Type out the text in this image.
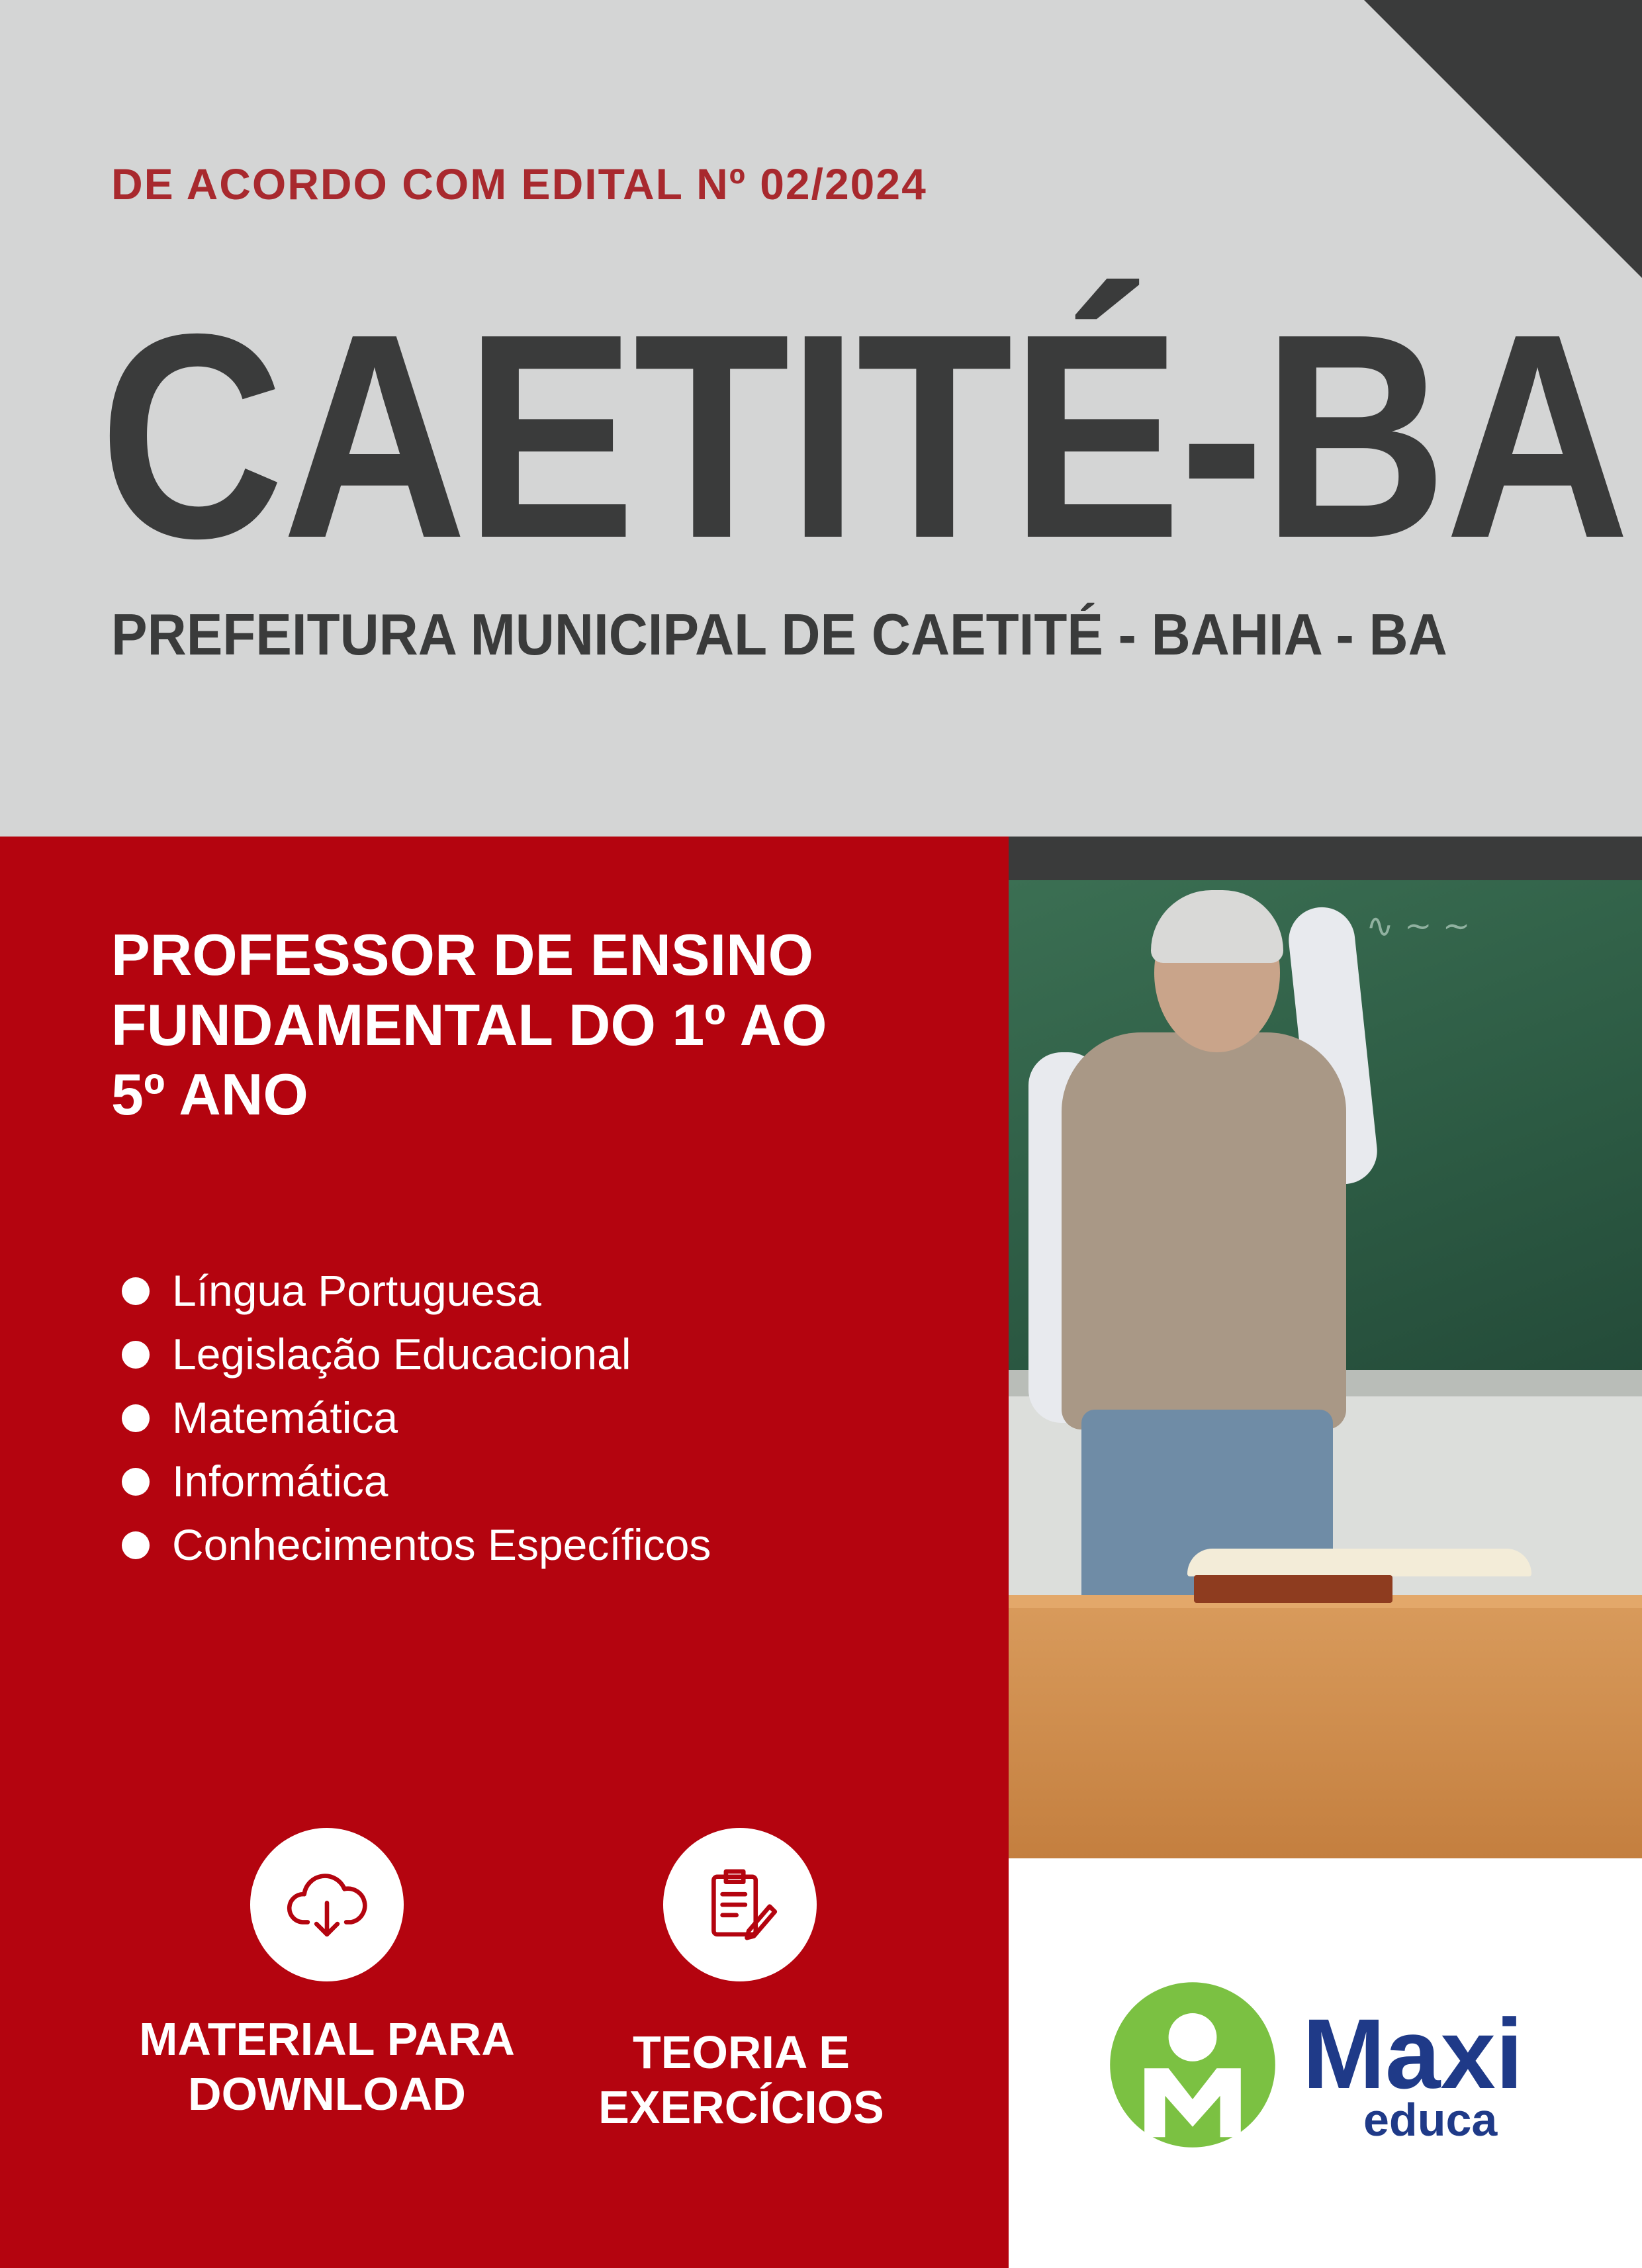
DE ACORDO COM EDITAL Nº 02/2024
CAETITÉ-BA
PREFEITURA MUNICIPAL DE CAETITÉ - BAHIA - BA
∿ ~ ∼
PROFESSOR DE ENSINO
FUNDAMENTAL DO 1º AO
5º ANO
Língua Portuguesa
Legislação Educacional
Matemática
Informática
Conhecimentos Específicos
MATERIAL PARA
DOWNLOAD
TEORIA E
EXERCÍCIOS	Maxi
educa
